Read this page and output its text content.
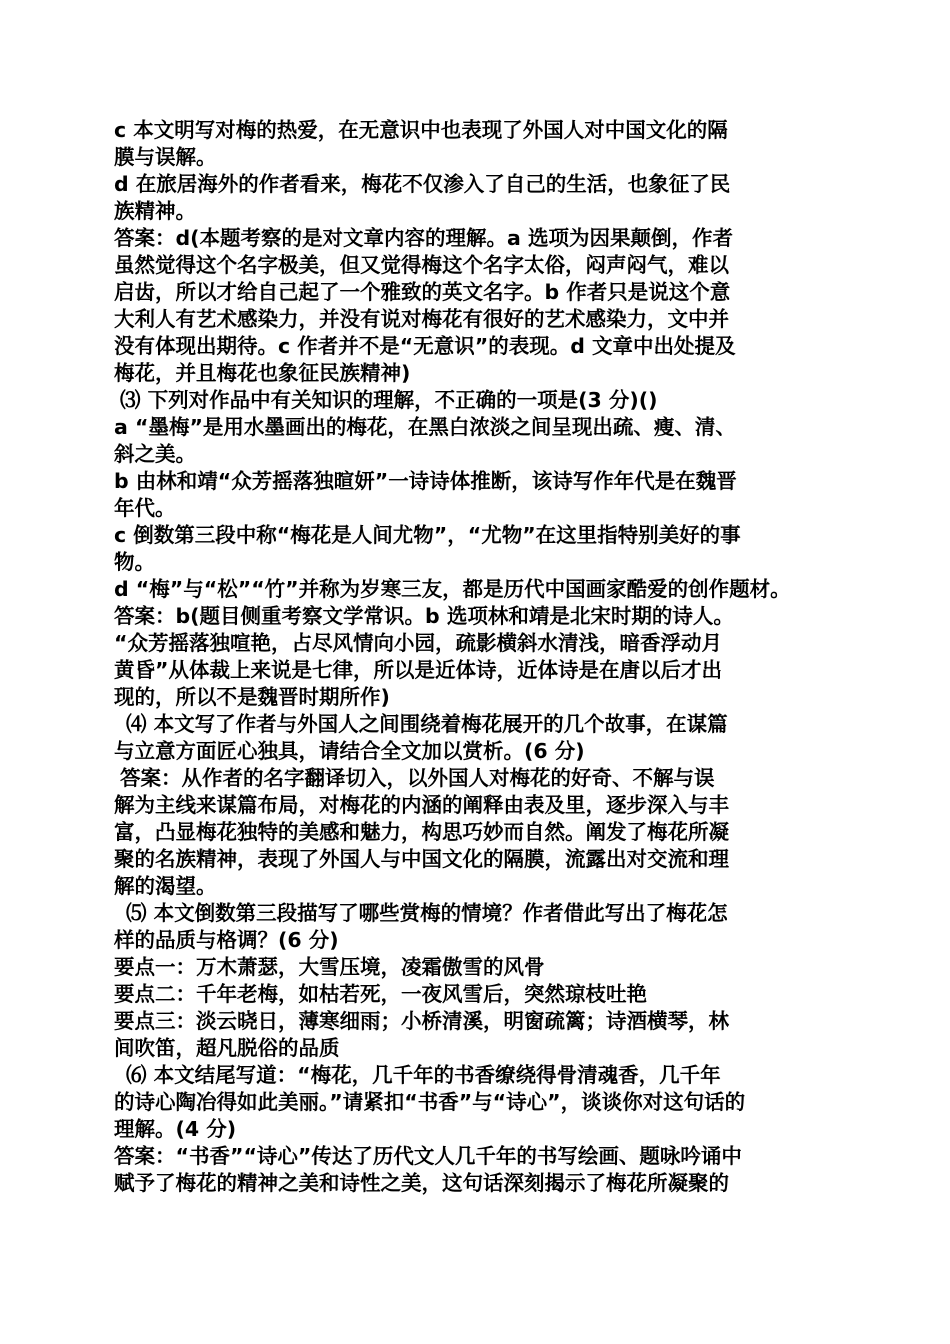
c 本文明写对梅的热爱，在无意识中也表现了外国人对中国文化的隔
膜与误解。
d 在旅居海外的作者看来，梅花不仅渗入了自己的生活，也象征了民
族精神。
答案：d(本题考察的是对文章内容的理解。a 选项为因果颠倒，作者
虽然觉得这个名字极美，但又觉得梅这个名字太俗，闷声闷气，难以
启齿，所以才给自己起了一个雅致的英文名字。b 作者只是说这个意
大利人有艺术感染力，并没有说对梅花有很好的艺术感染力，文中并
没有体现出期待。c 作者并不是“无意识”的表现。d 文章中出处提及
梅花，并且梅花也象征民族精神)
⑶ 下列对作品中有关知识的理解，不正确的一项是(3 分)()
a “墨梅”是用水墨画出的梅花，在黑白浓淡之间呈现出疏、瘦、清、
斜之美。
b 由林和靖“众芳摇落独暄妍”一诗诗体推断，该诗写作年代是在魏晋
年代。
c 倒数第三段中称“梅花是人间尤物”，“尤物”在这里指特别美好的事
物。
d “梅”与“松”“竹”并称为岁寒三友，都是历代中国画家酷爱的创作题材。
答案：b(题目侧重考察文学常识。b 选项林和靖是北宋时期的诗人。
“众芳摇落独喧艳，占尽风情向小园，疏影横斜水清浅，暗香浮动月
黄昏”从体裁上来说是七律，所以是近体诗，近体诗是在唐以后才出
现的，所以不是魏晋时期所作)
⑷ 本文写了作者与外国人之间围绕着梅花展开的几个故事，在谋篇
与立意方面匠心独具，请结合全文加以赏析。(6 分)
答案：从作者的名字翻译切入，以外国人对梅花的好奇、不解与误
解为主线来谋篇布局，对梅花的内涵的阐释由表及里，逐步深入与丰
富，凸显梅花独特的美感和魅力，构思巧妙而自然。阐发了梅花所凝
聚的名族精神，表现了外国人与中国文化的隔膜，流露出对交流和理
解的渴望。
⑸ 本文倒数第三段描写了哪些赏梅的情境？作者借此写出了梅花怎
样的品质与格调？(6 分)
要点一：万木萧瑟，大雪压境，凌霜傲雪的风骨
要点二：千年老梅，如枯若死，一夜风雪后，突然琼枝吐艳
要点三：淡云晓日，薄寒细雨；小桥清溪，明窗疏篱；诗酒横琴，林
间吹笛，超凡脱俗的品质
⑹ 本文结尾写道：“梅花，几千年的书香缭绕得骨清魂香，几千年
的诗心陶冶得如此美丽。”请紧扣“书香”与“诗心”，谈谈你对这句话的
理解。(4 分)
答案：“书香”“诗心”传达了历代文人几千年的书写绘画、题咏吟诵中
赋予了梅花的精神之美和诗性之美，这句话深刻揭示了梅花所凝聚的
